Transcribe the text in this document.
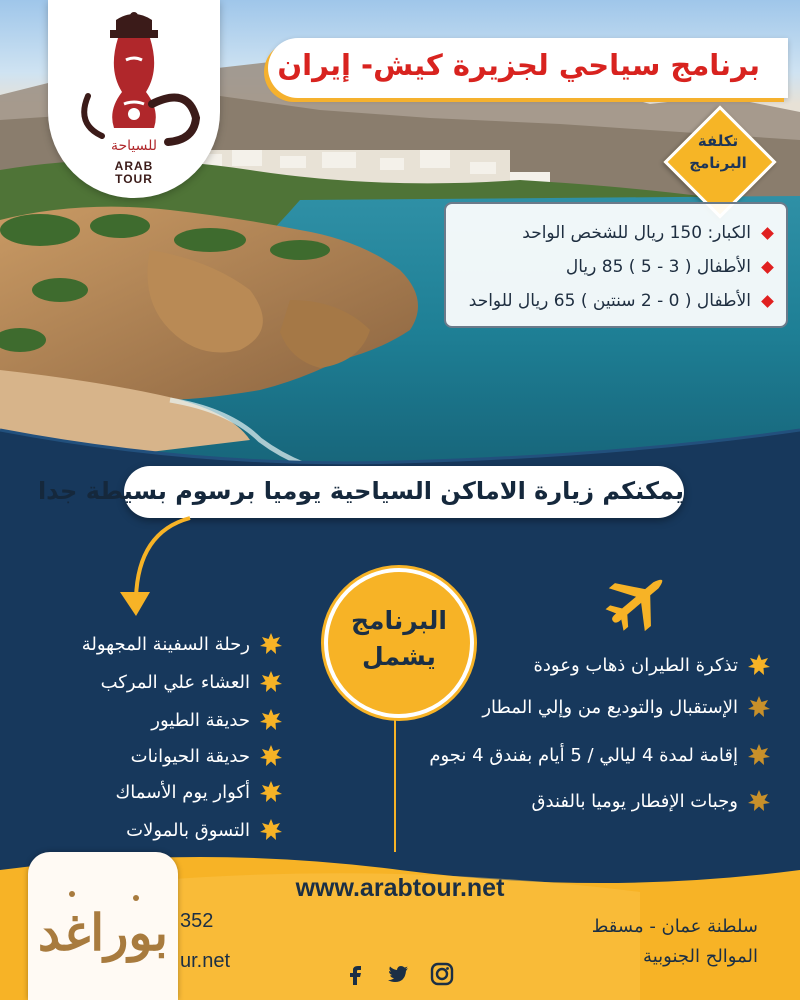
للسياحة
ARAB
TOUR
برنامج سياحي لجزيرة كيش- إيران
تكلفة
البرنامج
الكبار: 150 ريال للشخص الواحد
الأطفال ( 3 - 5 ) 85 ريال
الأطفال ( 0 - 2 سنتين ) 65 ريال للواحد
يمكنكم زيارة الاماكن السياحية يوميا برسوم بسيطة جدا
البرنامج
يشمل
رحلة السفينة المجهولة
العشاء علي المركب
حديقة الطيور
حديقة الحيوانات
أكوار يوم الأسماك
التسوق بالمولات
تذكرة الطيران ذهاب وعودة
الإستقبال والتوديع من وإلي المطار
إقامة لمدة 4 ليالي / 5 أيام بفندق 4 نجوم
وجبات الإفطار يوميا بالفندق
www.arabtour.net
سلطنة عمان - مسقط
الموالح الجنوبية
352
ur.net
بوراغد
